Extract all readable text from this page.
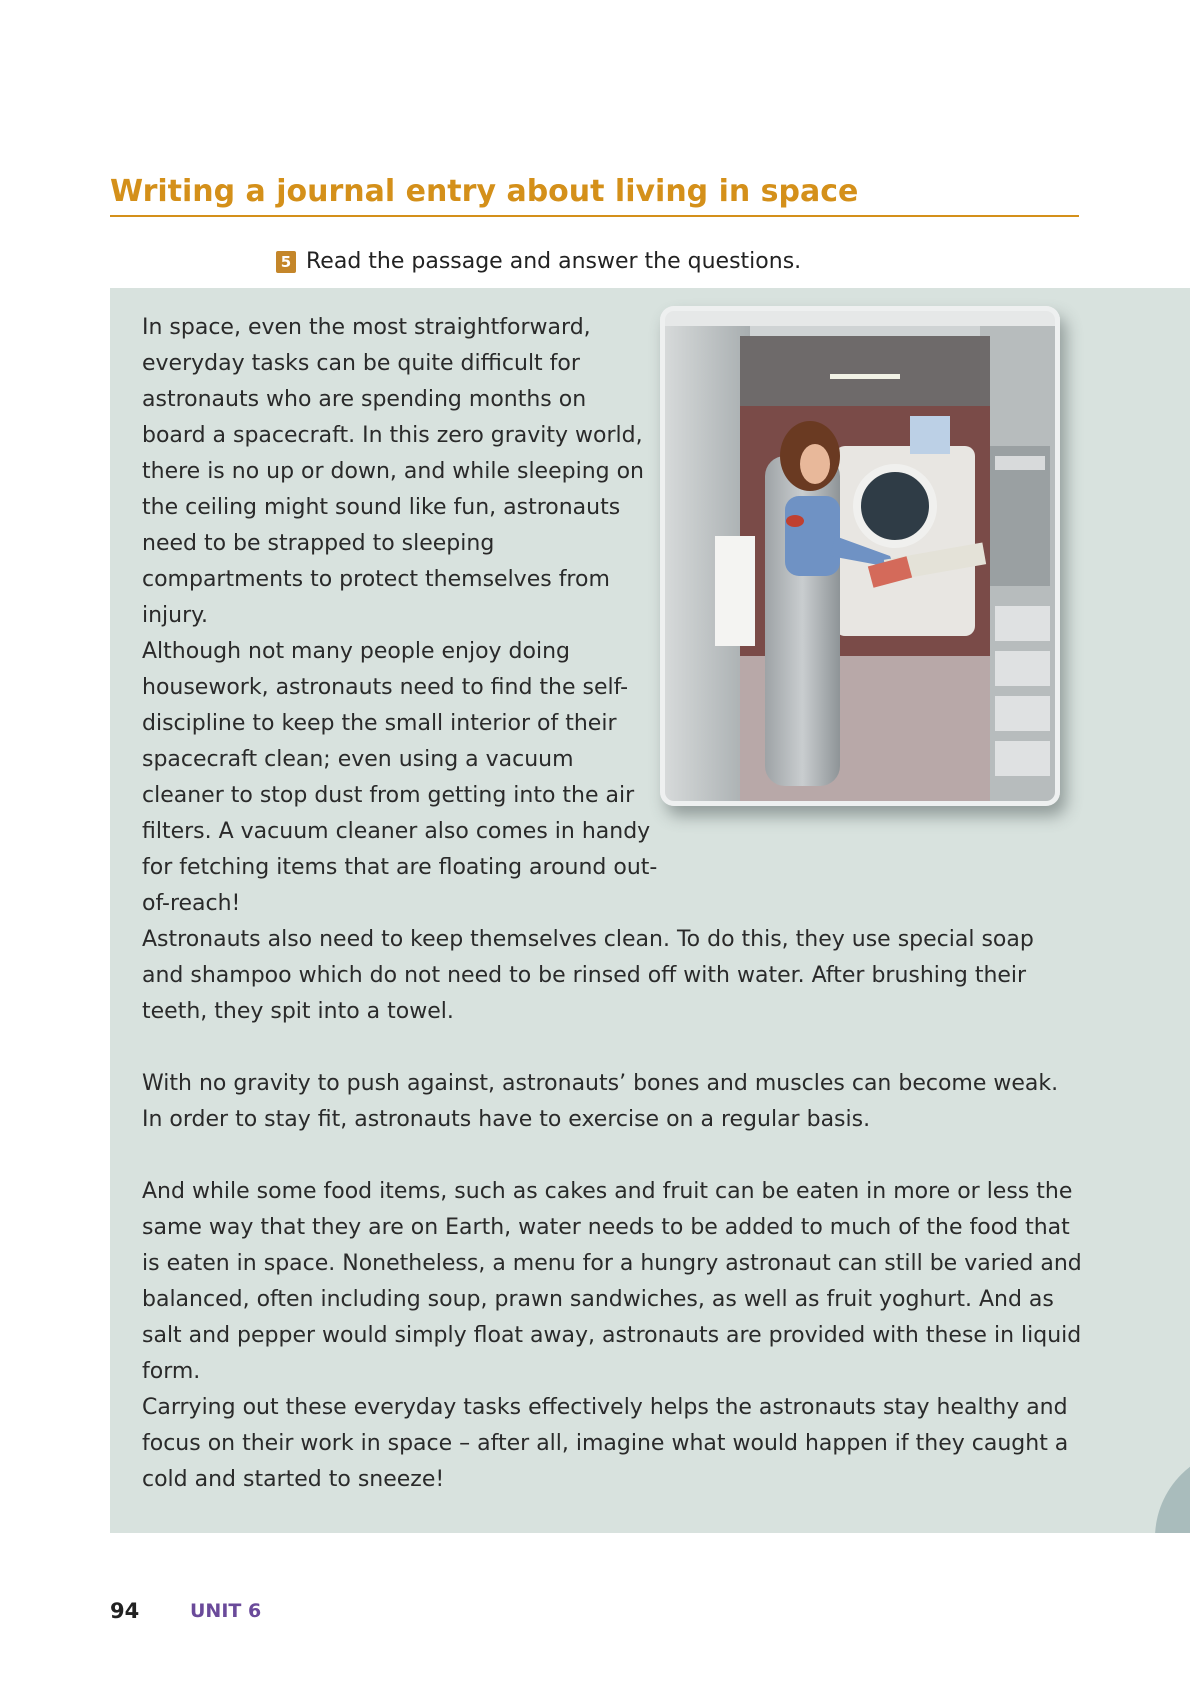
Writing a journal entry about living in space
5 Read the passage and answer the questions.

In space, even the most straightforward, everyday tasks can be quite difficult for astronauts who are spending months on board a spacecraft. In this zero gravity world, there is no up or down, and while sleeping on the ceiling might sound like fun, astronauts need to be strapped to sleeping compartments to protect themselves from injury.

Although not many people enjoy doing housework, astronauts need to find the self-discipline to keep the small interior of their spacecraft clean; even using a vacuum cleaner to stop dust from getting into the air filters. A vacuum cleaner also comes in handy for fetching items that are floating around out-of-reach!

Astronauts also need to keep themselves clean. To do this, they use special soap and shampoo which do not need to be rinsed off with water. After brushing their teeth, they spit into a towel.

With no gravity to push against, astronauts’ bones and muscles can become weak. In order to stay fit, astronauts have to exercise on a regular basis.

And while some food items, such as cakes and fruit can be eaten in more or less the same way that they are on Earth, water needs to be added to much of the food that is eaten in space. Nonetheless, a menu for a hungry astronaut can still be varied and balanced, often including soup, prawn sandwiches, as well as fruit yoghurt. And as salt and pepper would simply float away, astronauts are provided with these in liquid form.

Carrying out these everyday tasks effectively helps the astronauts stay healthy and focus on their work in space – after all, imagine what would happen if they caught a cold and started to sneeze!

94	UNIT 6
